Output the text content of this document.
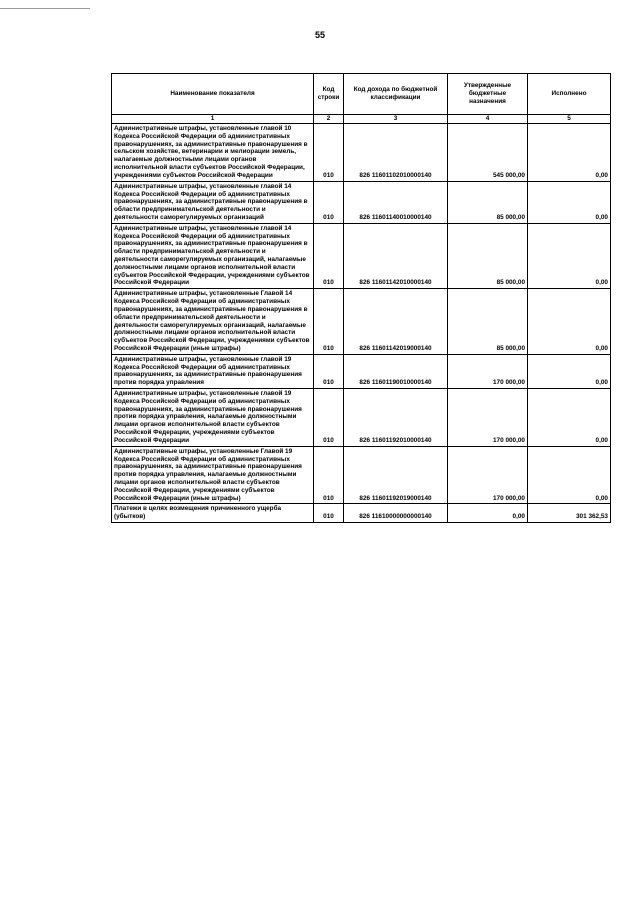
55
Наименование показателя	Код строки	Код дохода по бюджетной классификации	Утвержденные бюджетные назначения	Исполнено
1	2	3	4	5
Административные штрафы, установленные главой 10 Кодекса Российской Федерации об административных правонарушениях, за административные правонарушения в сельском хозяйстве, ветеринарии и мелиорации земель, налагаемые должностными лицами органов исполнительной власти субъектов Российской Федерации, учреждениями субъектов Российской Федерации	010	826 11601102010000140	545 000,00	0,00
Административные штрафы, установленные главой 14 Кодекса Российской Федерации об административных правонарушениях, за административные правонарушения в области предпринимательской деятельности и деятельности саморегулируемых организаций	010	826 11601140010000140	85 000,00	0,00
Административные штрафы, установленные главой 14 Кодекса Российской Федерации об административных правонарушениях, за административные правонарушения в области предпринимательской деятельности и деятельности саморегулируемых организаций, налагаемые должностными лицами органов исполнительной власти субъектов Российской Федерации, учреждениями субъектов Российской Федерации	010	826 11601142010000140	85 000,00	0,00
Административные штрафы, установленные Главой 14 Кодекса Российской Федерации об административных правонарушениях, за административные правонарушения в области предпринимательской деятельности и деятельности саморегулируемых организаций, налагаемые должностными лицами органов исполнительной власти субъектов Российской Федерации, учреждениями субъектов Российской Федерации (иные штрафы)	010	826 11601142019000140	85 000,00	0,00
Административные штрафы, установленные главой 19 Кодекса Российской Федерации об административных правонарушениях, за административные правонарушения против порядка управления	010	826 11601190010000140	170 000,00	0,00
Административные штрафы, установленные главой 19 Кодекса Российской Федерации об административных правонарушениях, за административные правонарушения против порядка управления, налагаемые должностными лицами органов исполнительной власти субъектов Российской Федерации, учреждениями субъектов Российской Федерации	010	826 11601192010000140	170 000,00	0,00
Административные штрафы, установленные Главой 19 Кодекса Российской Федерации об административных правонарушениях, за административные правонарушения против порядка управления, налагаемые должностными лицами органов исполнительной власти субъектов Российской Федерации, учреждениями субъектов Российской Федерации (иные штрафы)	010	826 11601192019000140	170 000,00	0,00
Платежи в целях возмещения причиненного ущерба (убытков)	010	826 11610000000000140	0,00	301 362,53
